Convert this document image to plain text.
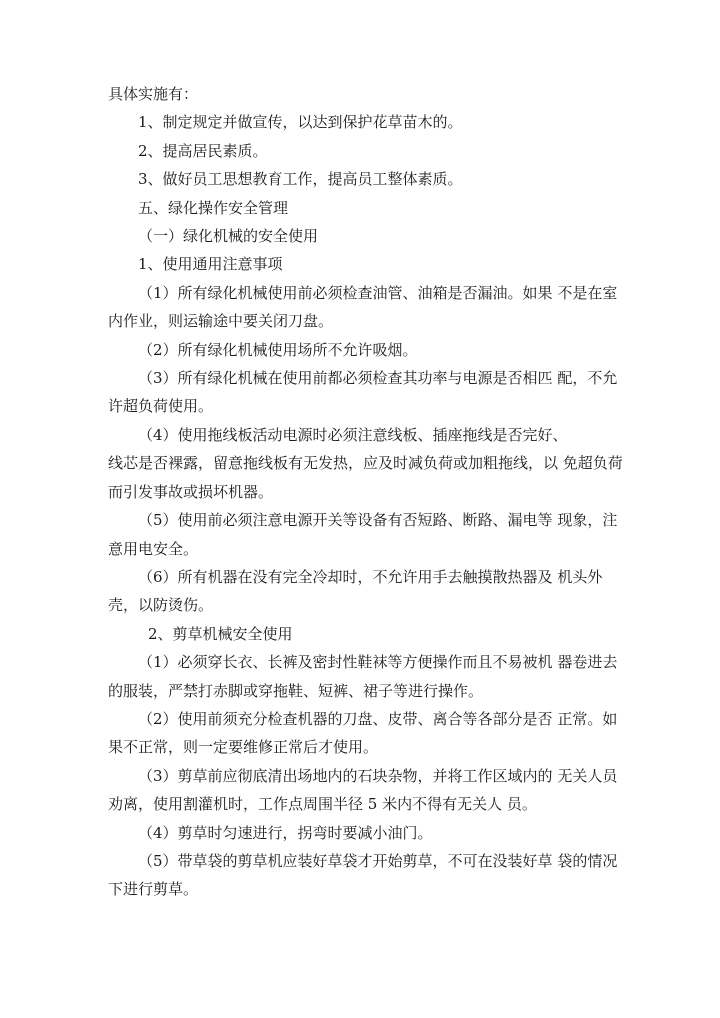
具体实施有：

1、制定规定并做宣传，以达到保护花草苗木的。

2、提高居民素质。

3、做好员工思想教育工作，提高员工整体素质。

五、绿化操作安全管理

（一）绿化机械的安全使用

1、使用通用注意事项

（1）所有绿化机械使用前必须检查油管、油箱是否漏油。如果 不是在室内作业，则运输途中要关闭刀盘。

（2）所有绿化机械使用场所不允许吸烟。

（3）所有绿化机械在使用前都必须检查其功率与电源是否相匹 配，不允许超负荷使用。

（4）使用拖线板活动电源时必须注意线板、插座拖线是否完好、

线芯是否裸露，留意拖线板有无发热，应及时减负荷或加粗拖线，以 免超负荷而引发事故或损坏机器。

（5）使用前必须注意电源开关等设备有否短路、断路、漏电等 现象，注意用电安全。

（6）所有机器在没有完全冷却时，不允许用手去触摸散热器及 机头外壳，以防烫伤。

2、剪草机械安全使用

（1）必须穿长衣、长裤及密封性鞋袜等方便操作而且不易被机 器卷进去的服装，严禁打赤脚或穿拖鞋、短裤、裙子等进行操作。

（2）使用前须充分检查机器的刀盘、皮带、离合等各部分是否 正常。如果不正常，则一定要维修正常后才使用。

（3）剪草前应彻底清出场地内的石块杂物，并将工作区域内的 无关人员劝离，使用割灌机时，工作点周围半径 5 米内不得有无关人 员。

（4）剪草时匀速进行，拐弯时要减小油门。

（5）带草袋的剪草机应装好草袋才开始剪草，不可在没装好草 袋的情况下进行剪草。
